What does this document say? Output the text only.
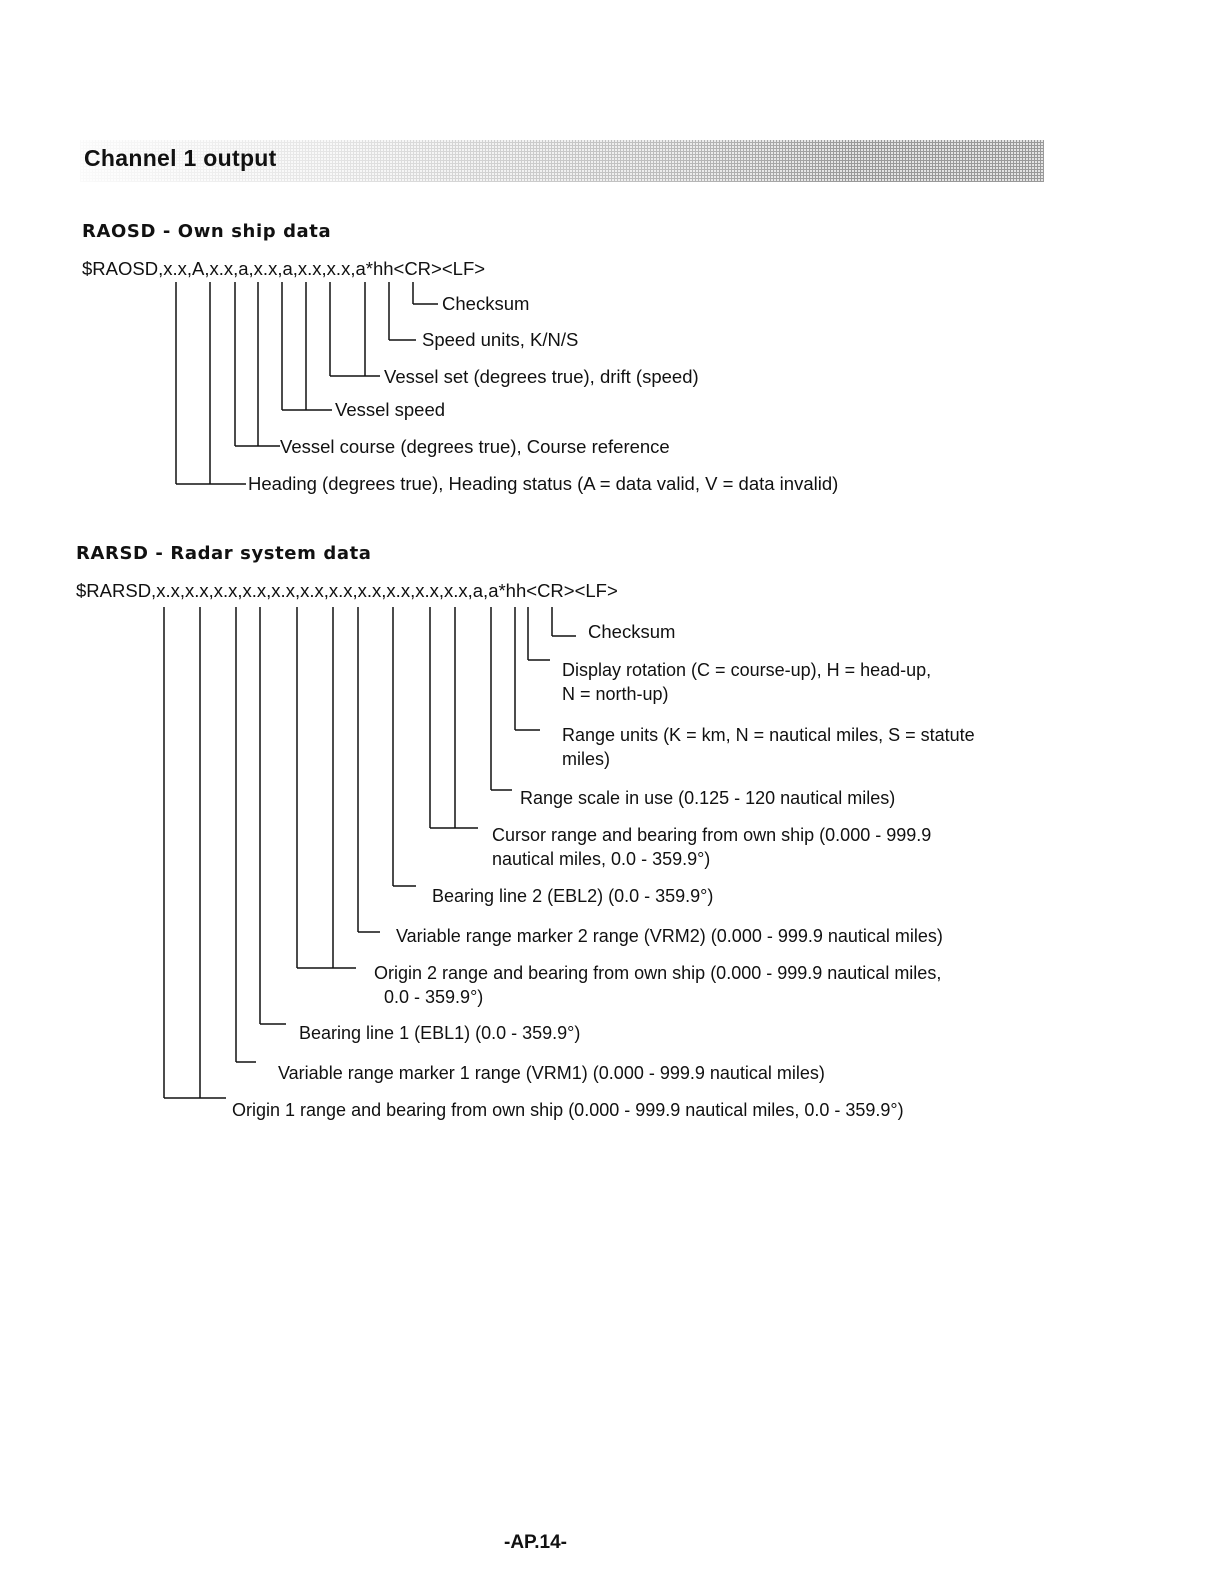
Channel 1 output
RAOSD - Own ship data
$RAOSD,x.x,A,x.x,a,x.x,a,x.x,x.x,a*hh<CR><LF>
Checksum
Speed units, K/N/S
Vessel set (degrees true), drift (speed)
Vessel speed
Vessel course (degrees true), Course reference
Heading (degrees true), Heading status (A = data valid, V = data invalid)
RARSD - Radar system data
$RARSD,x.x,x.x,x.x,x.x,x.x,x.x,x.x,x.x,x.x,x.x,x.x,a,a*hh<CR><LF>
Checksum
Display rotation (C = course-up), H = head-up,
N = north-up)
Range units (K = km, N = nautical miles, S = statute
miles)
Range scale in use (0.125 - 120 nautical miles)
Cursor range and bearing from own ship (0.000 - 999.9
nautical miles, 0.0 - 359.9°)
Bearing line 2 (EBL2) (0.0 - 359.9°)
Variable range marker 2 range (VRM2) (0.000 - 999.9 nautical miles)
Origin 2 range and bearing from own ship (0.000 - 999.9 nautical miles,
0.0 - 359.9°)
Bearing line 1 (EBL1) (0.0 - 359.9°)
Variable range marker 1 range (VRM1) (0.000 - 999.9 nautical miles)
Origin 1 range and bearing from own ship (0.000 - 999.9 nautical miles, 0.0 - 359.9°)
-AP.14-
